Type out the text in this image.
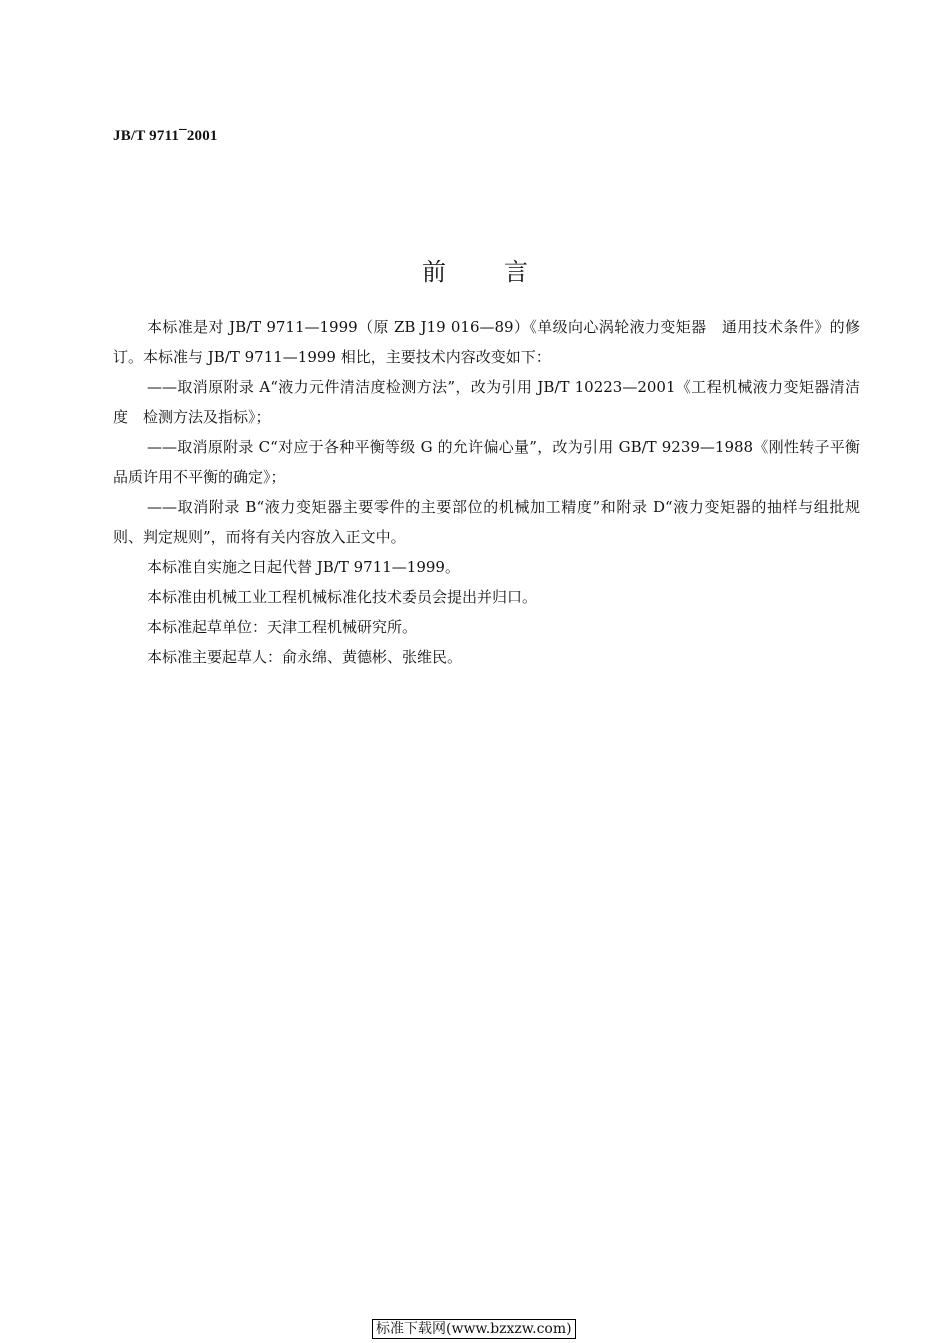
JB/T 9711¯2001
前言

本标准是对 JB/T 9711—1999（原 ZB J19 016—89）《单级向心涡轮液力变矩器　通用技术条件》的修订。本标准与 JB/T 9711—1999 相比，主要技术内容改变如下：

——取消原附录 A“液力元件清洁度检测方法”，改为引用 JB/T 10223—2001《工程机械液力变矩器清洁度　检测方法及指标》；

——取消原附录 C“对应于各种平衡等级 G 的允许偏心量”，改为引用 GB/T 9239—1988《刚性转子平衡品质许用不平衡的确定》；

——取消附录 B“液力变矩器主要零件的主要部位的机械加工精度”和附录 D“液力变矩器的抽样与组批规则、判定规则”，而将有关内容放入正文中。

本标准自实施之日起代替 JB/T 9711—1999。

本标准由机械工业工程机械标准化技术委员会提出并归口。

本标准起草单位：天津工程机械研究所。

本标准主要起草人：俞永绵、黄德彬、张维民。

标准下载网(www.bzxzw.com)
